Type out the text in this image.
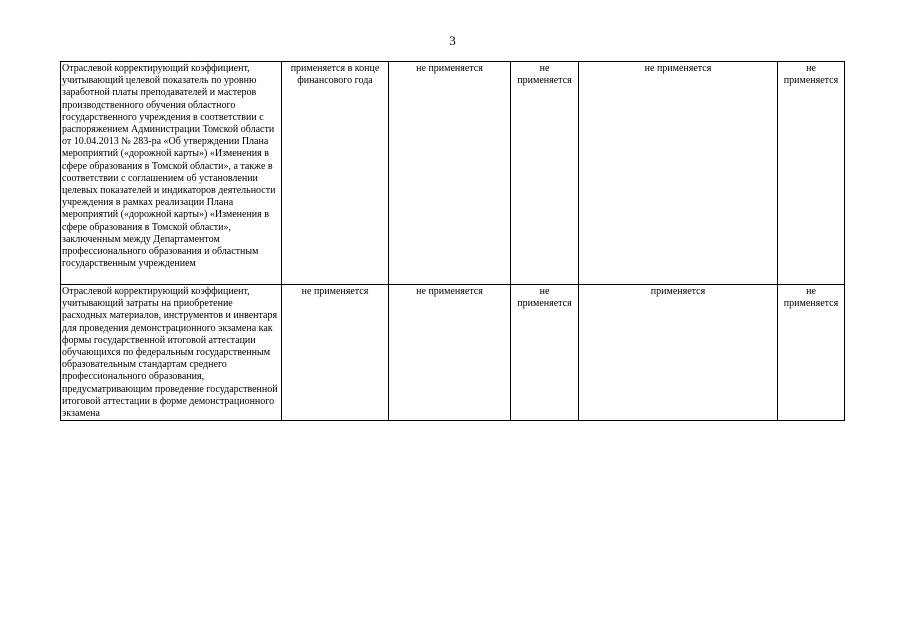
3
Отраслевой корректирующий коэффициент, учитывающий целевой показатель по уровню заработной платы преподавателей и мастеров производственного обучения областного государственного учреждения в соответствии с распоряжением Администрации Томской области от 10.04.2013 № 283-ра «Об утверждении Плана мероприятий («дорожной карты») «Изменения в сфере образования в Томской области», а также в соответствии с соглашением об установлении целевых показателей и индикаторов деятельности учреждения в рамках реализации Плана мероприятий («дорожной карты») «Изменения в сфере образования в Томской области», заключенным между Департаментом профессионального образования и областным государственным учреждением	применяется в конце финансового года	не применяется	не применяется	не применяется	не применяется
Отраслевой корректирующий коэффициент, учитывающий затраты на приобретение расходных материалов, инструментов и инвентаря для проведения демонстрационного экзамена как формы государственной итоговой аттестации обучающихся по федеральным государственным образовательным стандартам среднего профессионального образования, предусматривающим проведение государственной итоговой аттестации в форме демонстрационного экзамена	не применяется	не применяется	не применяется	применяется	не применяется
